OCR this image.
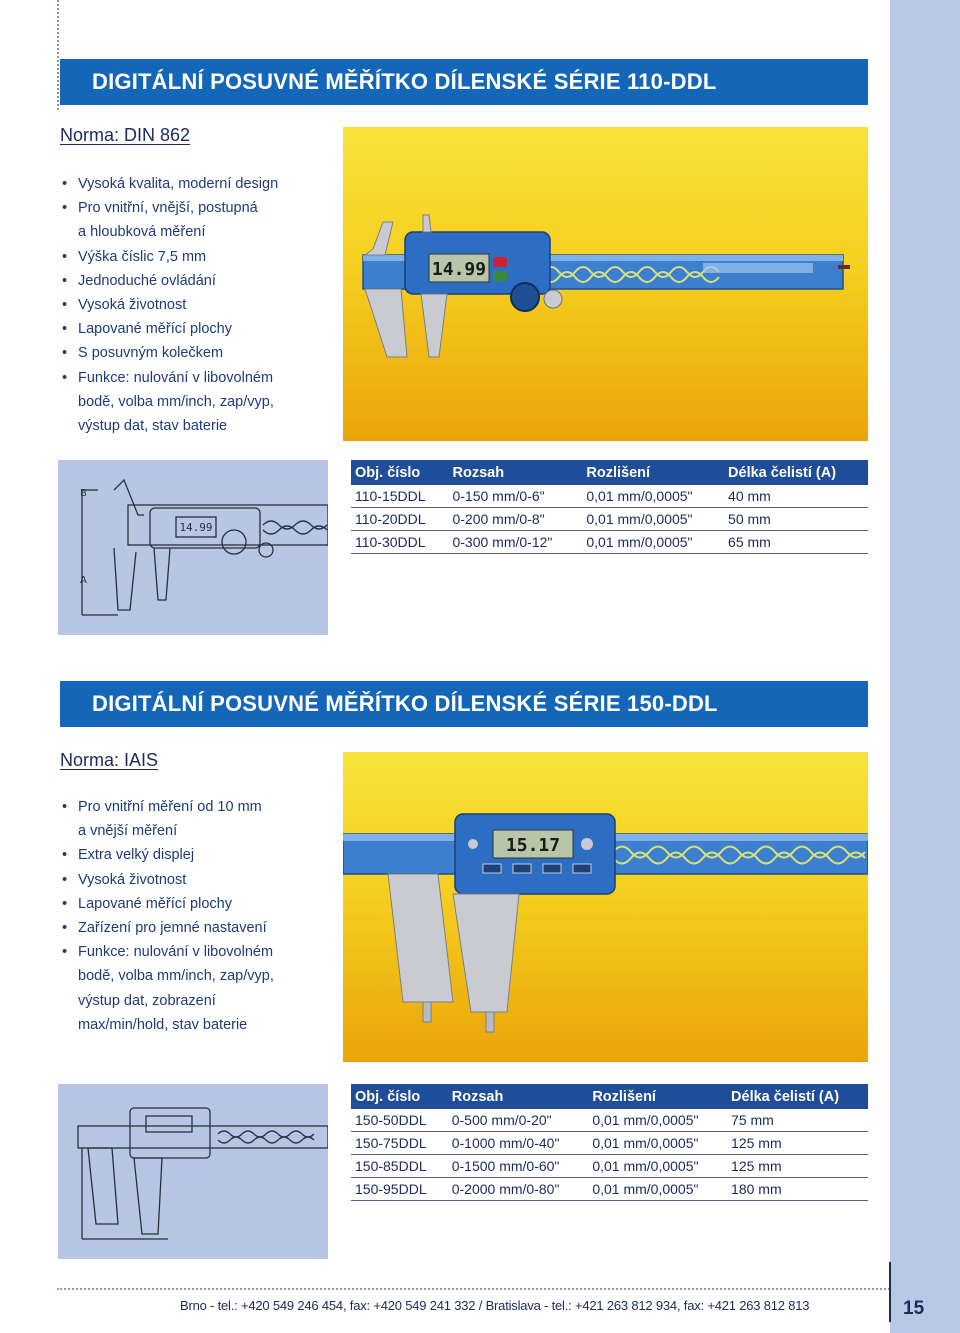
DIGITÁLNÍ POSUVNÉ MĚŘÍTKO DÍLENSKÉ SÉRIE 110-DDL
Norma: DIN 862
• Vysoká kvalita, moderní design
• Pro vnitřní, vnější, postupná
a hloubková měření
• Výška číslic 7,5 mm
• Jednoduché ovládání
• Vysoká životnost
• Lapované měřící plochy
• S posuvným kolečkem
• Funkce: nulování v libovolném
bodě, volba mm/inch, zap/vyp,
výstup dat, stav baterie
14.99
B
A
14.99
Obj. číslo	Rozsah	Rozlišení	Délka čelistí (A)
110-15DDL	0-150 mm/0-6"	0,01 mm/0,0005"	40 mm
110-20DDL	0-200 mm/0-8"	0,01 mm/0,0005"	50 mm
110-30DDL	0-300 mm/0-12"	0,01 mm/0,0005"	65 mm
DIGITÁLNÍ POSUVNÉ MĚŘÍTKO DÍLENSKÉ SÉRIE 150-DDL
Norma: IAIS
• Pro vnitřní měření od 10 mm
a vnější měření
• Extra velký displej
• Vysoká životnost
• Lapované měřící plochy
• Zařízení pro jemné nastavení
• Funkce: nulování v libovolném
bodě, volba mm/inch, zap/vyp,
výstup dat, zobrazení
max/min/hold, stav baterie
15.17
Obj. číslo	Rozsah	Rozlišení	Délka čelistí (A)
150-50DDL	0-500 mm/0-20"	0,01 mm/0,0005"	75 mm
150-75DDL	0-1000 mm/0-40"	0,01 mm/0,0005"	125 mm
150-85DDL	0-1500 mm/0-60"	0,01 mm/0,0005"	125 mm
150-95DDL	0-2000 mm/0-80"	0,01 mm/0,0005"	180 mm
Brno - tel.: +420 549 246 454, fax: +420 549 241 332 / Bratislava - tel.: +421 263 812 934, fax: +421 263 812 813	15
